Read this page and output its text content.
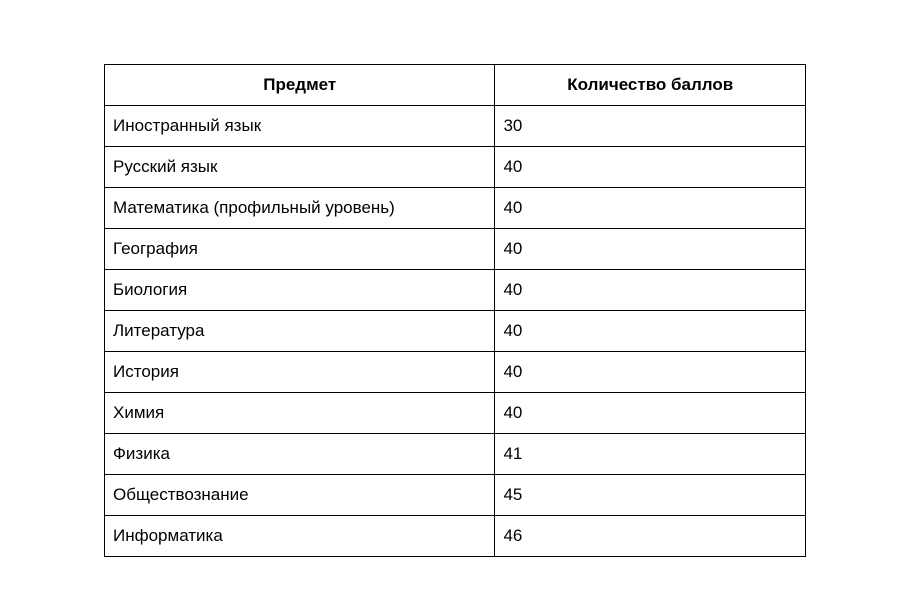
Предмет	Количество баллов
Иностранный язык	30
Русский язык	40
Математика (профильный уровень)	40
География	40
Биология	40
Литература	40
История	40
Химия	40
Физика	41
Обществознание	45
Информатика	46
